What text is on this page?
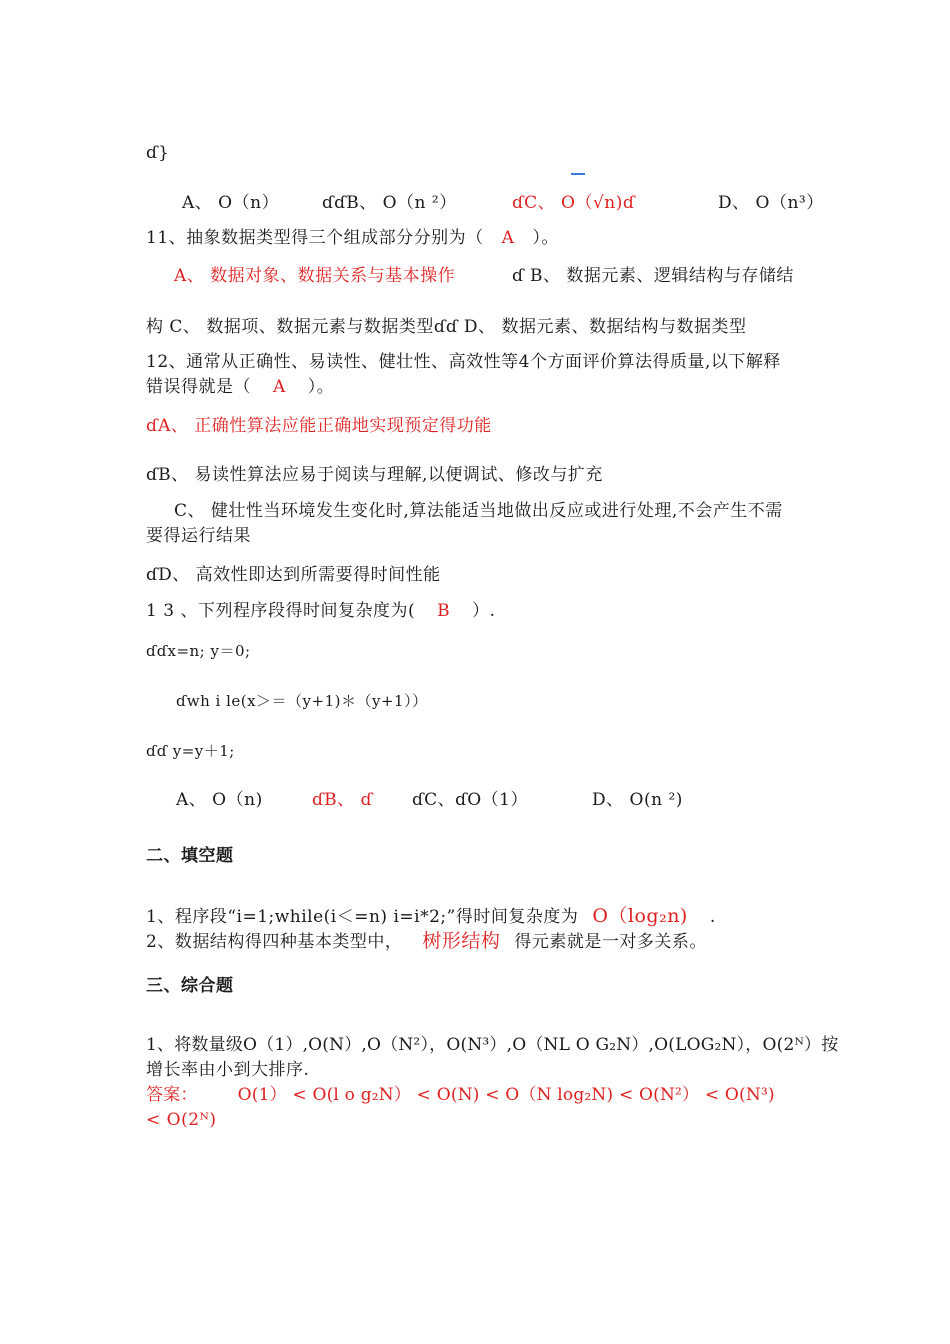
ɗ}
A、 O（n）	ɗɗB、 O（n ²）	ɗC、 O（√n)ɗ	D、 O（n³）
11、抽象数据类型得三个组成部分分别为（ A ）。
A、 数据对象、数据关系与基本操作	ɗ B、 数据元素、逻辑结构与存储结
构 C、 数据项、数据元素与数据类型ɗɗ D、 数据元素、数据结构与数据类型
12、通常从正确性、易读性、健壮性、高效性等4个方面评价算法得质量,以下解释
错误得就是（ A ）。
ɗA、 正确性算法应能正确地实现预定得功能
ɗB、 易读性算法应易于阅读与理解,以便调试、修改与扩充
C、 健壮性当环境发生变化时,算法能适当地做出反应或进行处理,不会产生不需
要得运行结果
ɗD、 高效性即达到所需要得时间性能
1 3 、下列程序段得时间复杂度为( B ）.
ɗɗx=n; y＝0;
ɗwh i le(x＞＝（y+1)＊（y+1））
ɗɗ y=y＋1;
A、 O（n)	ɗB、 ɗ ɗC、ɗO（1）	D、 O(n ²)
二、填空题
1、程序段“i=1;while(i＜=n) i=i*2;”得时间复杂度为 O（log₂n) .
2、数据结构得四种基本类型中， 树形结构 得元素就是一对多关系。
三、综合题
1、将数量级O（1）,O(N）,O（N²），O(N³）,O（NL O G₂N）,O(LOG₂N），O(2ᴺ）按
增长率由小到大排序.
答案： O(1） < O(l o g₂N） < O(N) < O（N log₂N) < O(N²） < O(N³)
< O(2ᴺ)
